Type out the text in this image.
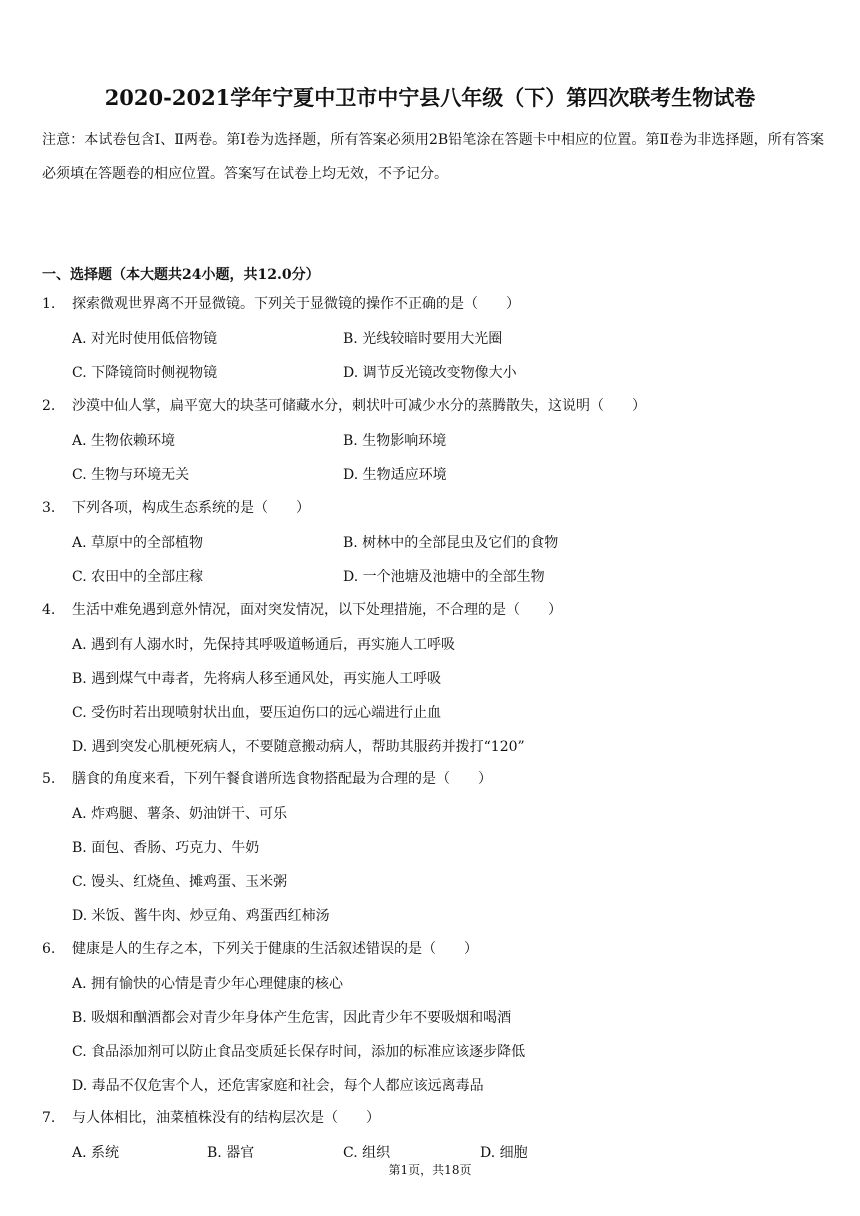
2020-2021学年宁夏中卫市中宁县八年级（下）第四次联考生物试卷
注意：本试卷包含Ⅰ、Ⅱ两卷。第Ⅰ卷为选择题，所有答案必须用2B铅笔涂在答题卡中相应的位置。第Ⅱ卷为非选择题，所有答案必须填在答题卷的相应位置。答案写在试卷上均无效，不予记分。
一、选择题（本大题共24小题，共12.0分）
1. 探索微观世界离不开显微镜。下列关于显微镜的操作不正确的是（　　）
A. 对光时使用低倍物镜	B. 光线较暗时要用大光圈
C. 下降镜筒时侧视物镜	D. 调节反光镜改变物像大小
2. 沙漠中仙人掌，扁平宽大的块茎可储藏水分，刺状叶可减少水分的蒸腾散失，这说明（　　）
A. 生物依赖环境	B. 生物影响环境
C. 生物与环境无关	D. 生物适应环境
3. 下列各项，构成生态系统的是（　　）
A. 草原中的全部植物	B. 树林中的全部昆虫及它们的食物
C. 农田中的全部庄稼	D. 一个池塘及池塘中的全部生物
4. 生活中难免遇到意外情况，面对突发情况，以下处理措施，不合理的是（　　）
A. 遇到有人溺水时，先保持其呼吸道畅通后，再实施人工呼吸
B. 遇到煤气中毒者，先将病人移至通风处，再实施人工呼吸
C. 受伤时若出现喷射状出血，要压迫伤口的远心端进行止血
D. 遇到突发心肌梗死病人，不要随意搬动病人，帮助其服药并拨打“120”
5. 膳食的角度来看，下列午餐食谱所选食物搭配最为合理的是（　　）
A. 炸鸡腿、薯条、奶油饼干、可乐
B. 面包、香肠、巧克力、牛奶
C. 馒头、红烧鱼、摊鸡蛋、玉米粥
D. 米饭、酱牛肉、炒豆角、鸡蛋西红柿汤
6. 健康是人的生存之本，下列关于健康的生活叙述错误的是（　　）
A. 拥有愉快的心情是青少年心理健康的核心
B. 吸烟和酗酒都会对青少年身体产生危害，因此青少年不要吸烟和喝酒
C. 食品添加剂可以防止食品变质延长保存时间，添加的标准应该逐步降低
D. 毒品不仅危害个人，还危害家庭和社会，每个人都应该远离毒品
7. 与人体相比，油菜植株没有的结构层次是（　　）
A. 系统	B. 器官	C. 组织	D. 细胞
第1页，共18页
